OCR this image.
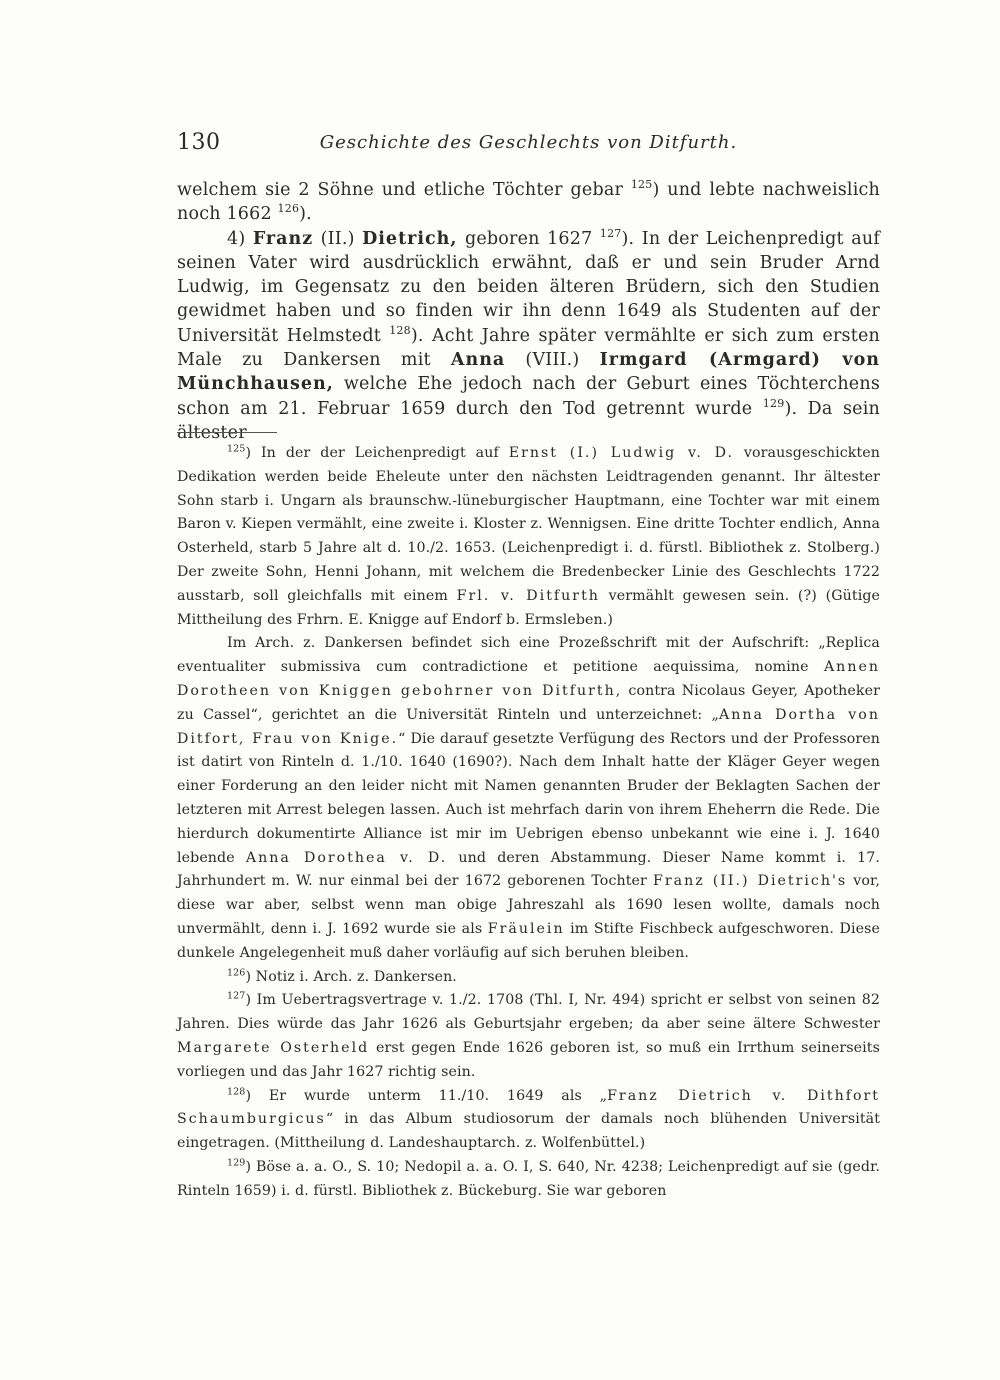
130	Geschichte des Geschlechts von Ditfurth.

welchem sie 2 Söhne und etliche Töchter gebar $^{125}$) und lebte nachweislich noch 1662 $^{126}$).

4) Franz (II.) Dietrich, geboren 1627 $^{127}$). In der Leichenpredigt auf seinen Vater wird ausdrücklich erwähnt, daß er und sein Bruder Arnd Ludwig, im Gegensatz zu den beiden älteren Brüdern, sich den Studien gewidmet haben und so finden wir ihn denn 1649 als Studenten auf der Universität Helmstedt $^{128}$). Acht Jahre später vermählte er sich zum ersten Male zu Dankersen mit Anna (VIII.) Irmgard (Armgard) von Münchhausen, welche Ehe jedoch nach der Geburt eines Töchterchens schon am 21. Februar 1659 durch den Tod getrennt wurde $^{129}$). Da sein ältester

$^{125}$) In der der Leichenpredigt auf Ernst (I.) Ludwig v. D. vorausgeschickten Dedikation werden beide Eheleute unter den nächsten Leidtragenden genannt. Ihr ältester Sohn starb i. Ungarn als braunschw.-lüneburgischer Hauptmann, eine Tochter war mit einem Baron v. Kiepen vermählt, eine zweite i. Kloster z. Wennigsen. Eine dritte Tochter endlich, Anna Osterheld, starb 5 Jahre alt d. 10./2. 1653. (Leichenpredigt i. d. fürstl. Bibliothek z. Stolberg.) Der zweite Sohn, Henni Johann, mit welchem die Bredenbecker Linie des Geschlechts 1722 ausstarb, soll gleichfalls mit einem Frl. v. Ditfurth vermählt gewesen sein. (?) (Gütige Mittheilung des Frhrn. E. Knigge auf Endorf b. Ermsleben.)

Im Arch. z. Dankersen befindet sich eine Prozeßschrift mit der Aufschrift: „Replica eventualiter submissiva cum contradictione et petitione aequissima, nomine Annen Dorotheen von Kniggen gebohrner von Ditfurth, contra Nicolaus Geyer, Apotheker zu Cassel“, gerichtet an die Universität Rinteln und unterzeichnet: „Anna Dortha von Ditfort, Frau von Knige.“ Die darauf gesetzte Verfügung des Rectors und der Professoren ist datirt von Rinteln d. 1./10. 1640 (1690?). Nach dem Inhalt hatte der Kläger Geyer wegen einer Forderung an den leider nicht mit Namen genannten Bruder der Beklagten Sachen der letzteren mit Arrest belegen lassen. Auch ist mehrfach darin von ihrem Eheherrn die Rede. Die hierdurch dokumentirte Alliance ist mir im Uebrigen ebenso unbekannt wie eine i. J. 1640 lebende Anna Dorothea v. D. und deren Abstammung. Dieser Name kommt i. 17. Jahrhundert m. W. nur einmal bei der 1672 geborenen Tochter Franz (II.) Dietrich's vor, diese war aber, selbst wenn man obige Jahreszahl als 1690 lesen wollte, damals noch unvermählt, denn i. J. 1692 wurde sie als Fräulein im Stifte Fischbeck aufgeschworen. Diese dunkele Angelegenheit muß daher vorläufig auf sich beruhen bleiben.

$^{126}$) Notiz i. Arch. z. Dankersen.

$^{127}$) Im Uebertragsvertrage v. 1./2. 1708 (Thl. I, Nr. 494) spricht er selbst von seinen 82 Jahren. Dies würde das Jahr 1626 als Geburtsjahr ergeben; da aber seine ältere Schwester Margarete Osterheld erst gegen Ende 1626 geboren ist, so muß ein Irrthum seinerseits vorliegen und das Jahr 1627 richtig sein.

$^{128}$) Er wurde unterm 11./10. 1649 als „Franz Dietrich v. Dithfort Schaumburgicus“ in das Album studiosorum der damals noch blühenden Universität eingetragen. (Mittheilung d. Landeshauptarch. z. Wolfenbüttel.)

$^{129}$) Böse a. a. O., S. 10; Nedopil a. a. O. I, S. 640, Nr. 4238; Leichenpredigt auf sie (gedr. Rinteln 1659) i. d. fürstl. Bibliothek z. Bückeburg. Sie war geboren
